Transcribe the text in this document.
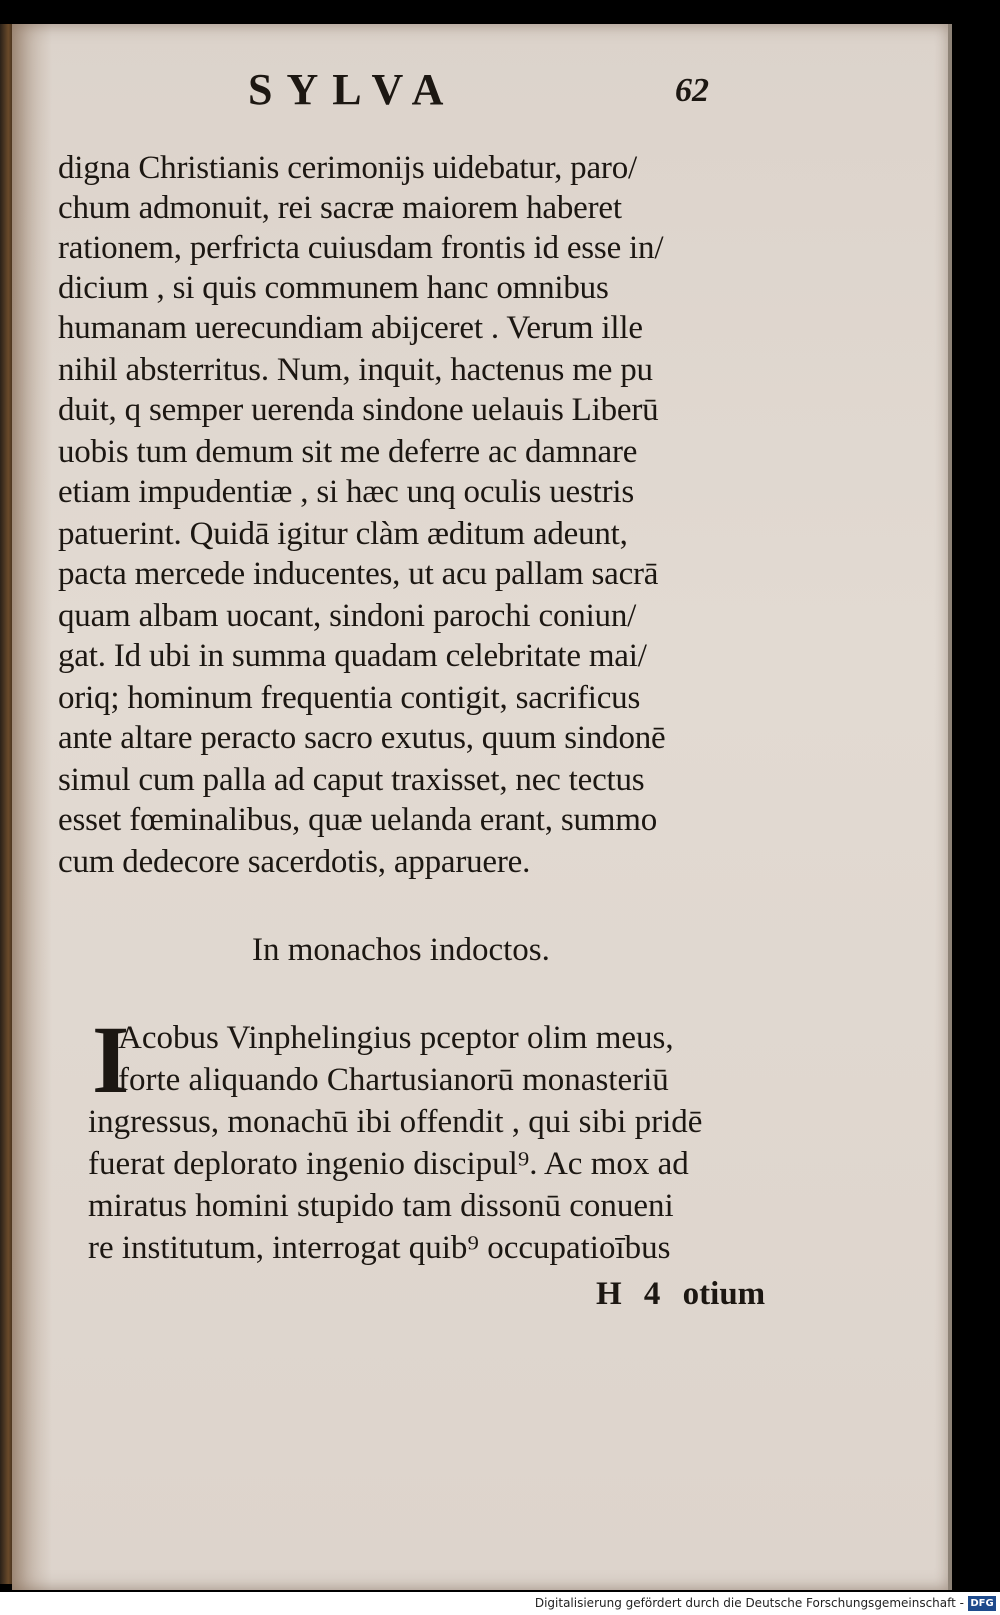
SYLVA	62
digna Christianis cerimonijs uidebatur, paro/
chum admonuit, rei sacræ maiorem haberet
rationem, perfricta cuiusdam frontis id esse in/
dicium , si quis communem hanc omnibus
humanam uerecundiam abijceret . Verum ille
nihil absterritus. Num, inquit, hactenus me pu
duit, q semper uerenda sindone uelauis Liberū
uobis tum demum sit me deferre ac damnare
etiam impudentiæ , si hæc unq oculis uestris
patuerint. Quidā igitur clàm æditum adeunt,
pacta mercede inducentes, ut acu pallam sacrā
quam albam uocant, sindoni parochi coniun/
gat. Id ubi in summa quadam celebritate mai/
oriq; hominum frequentia contigit, sacrificus
ante altare peracto sacro exutus, quum sindonē
simul cum palla ad caput traxisset, nec tectus
esset fœminalibus, quæ uelanda erant, summo
cum dedecore sacerdotis, apparuere.
In monachos indoctos.
I
Acobus Vinphelingius pceptor olim meus,
forte aliquando Chartusianorū monasteriū
ingressus, monachū ibi offendit , qui sibi pridē
fuerat deplorato ingenio discipul⁹. Ac mox ad
miratus homini stupido tam dissonū conueni
re institutum, interrogat quib⁹ occupatioībus
H 4 otium
Digitalisierung gefördert durch die Deutsche Forschungsgemeinschaft - DFG
